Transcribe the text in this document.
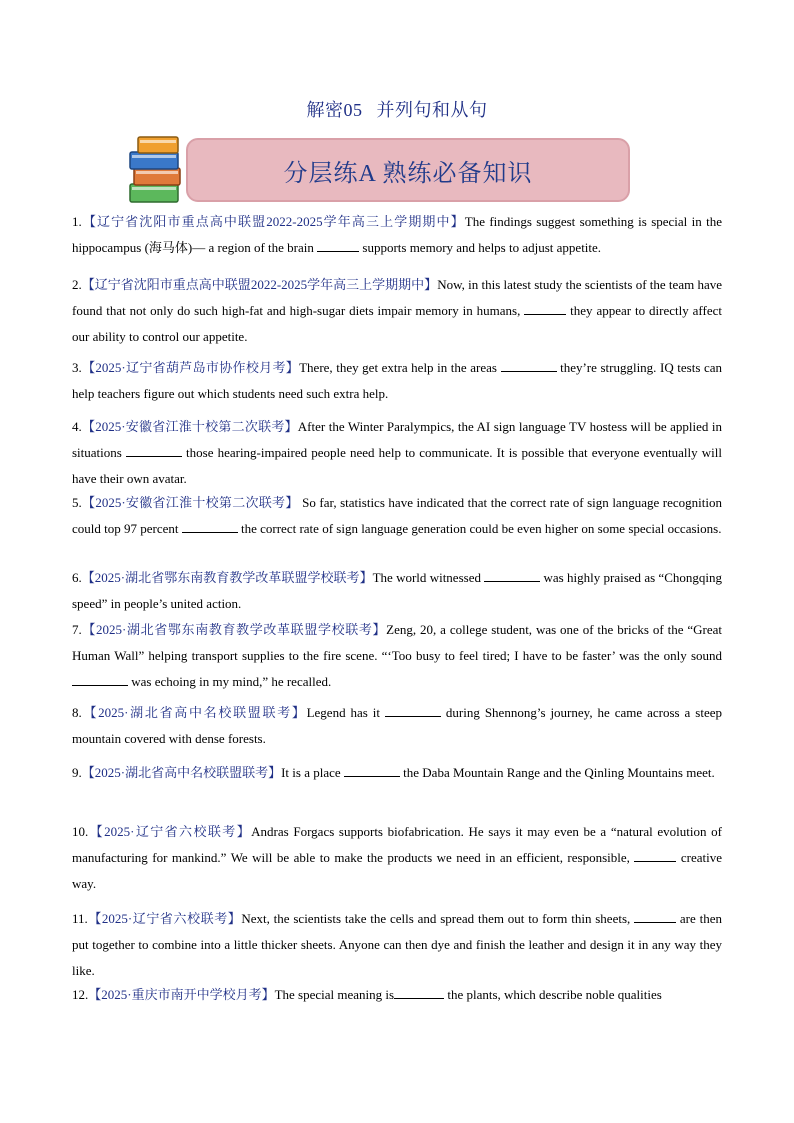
解密05 并列句和从句
分层练A 熟练必备知识
1.【辽宁省沈阳市重点高中联盟2022-2025学年高三上学期期中】The findings suggest something is special in the hippocampus (海马体)— a region of the brain	supports memory and helps to adjust appetite.
2.【辽宁省沈阳市重点高中联盟2022-2025学年高三上学期期中】Now, in this latest study the scientists of the team have found that not only do such high-fat and high-sugar diets impair memory in humans,	they appear to directly affect our ability to control our appetite.
3.【2025·辽宁省葫芦岛市协作校月考】There, they get extra help in the areas	they’re struggling. IQ tests can help teachers figure out which students need such extra help.
4.【2025·安徽省江淮十校第二次联考】After the Winter Paralympics, the AI sign language TV hostess will be applied in situations	those hearing-impaired people need help to communicate. It is possible that everyone eventually will have their own avatar.
5.【2025·安徽省江淮十校第二次联考】 So far, statistics have indicated that the correct rate of sign language recognition could top 97 percent	the correct rate of sign language generation could be even higher on some special occasions.
6.【2025·湖北省鄂东南教育教学改革联盟学校联考】The world witnessed	was highly praised as “Chongqing speed” in people’s united action.
7.【2025·湖北省鄂东南教育教学改革联盟学校联考】Zeng, 20, a college student, was one of the bricks of the “Great Human Wall” helping transport supplies to the fire scene. “‘Too busy to feel tired; I have to be faster’ was the only sound  was echoing in my mind,” he recalled.
8.【2025·湖北省高中名校联盟联考】Legend has it	during Shennong’s journey, he came across a steep mountain covered with dense forests.
9.【2025·湖北省高中名校联盟联考】It is a place	the Daba Mountain Range and the Qinling Mountains meet.
10.【2025·辽宁省六校联考】Andras Forgacs supports biofabrication. He says it may even be a “natural evolution of manufacturing for mankind.” We will be able to make the products we need in an efficient, responsible,	creative way.
11.【2025·辽宁省六校联考】Next, the scientists take the cells and spread them out to form thin sheets,	are then put together to combine into a little thicker sheets. Anyone can then dye and finish the leather and design it in any way they like.
12.【2025·重庆市南开中学校月考】The special meaning is	the plants, which describe noble qualities
